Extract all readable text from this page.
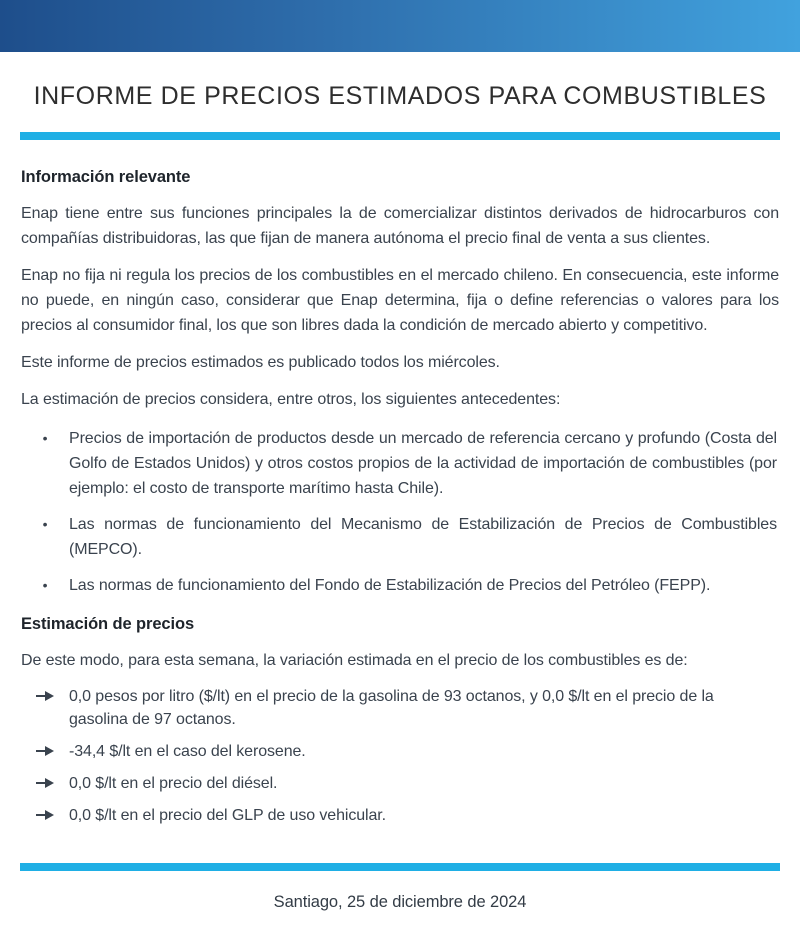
INFORME DE PRECIOS ESTIMADOS PARA COMBUSTIBLES
Información relevante

Enap tiene entre sus funciones principales la de comercializar distintos derivados de hidrocarburos con compañías distribuidoras, las que fijan de manera autónoma el precio final de venta a sus clientes.

Enap no fija ni regula los precios de los combustibles en el mercado chileno. En consecuencia, este informe no puede, en ningún caso, considerar que Enap determina, fija o define referencias o valores para los precios al consumidor final, los que son libres dada la condición de mercado abierto y competitivo.

Este informe de precios estimados es publicado todos los miércoles.

La estimación de precios considera, entre otros, los siguientes antecedentes:

•	Precios de importación de productos desde un mercado de referencia cercano y profundo (Costa del Golfo de Estados Unidos) y otros costos propios de la actividad de importación de combustibles (por ejemplo: el costo de transporte marítimo hasta Chile).
•	Las normas de funcionamiento del Mecanismo de Estabilización de Precios de Combustibles (MEPCO).
•	Las normas de funcionamiento del Fondo de Estabilización de Precios del Petróleo (FEPP).
Estimación de precios

De este modo, para esta semana, la variación estimada en el precio de los combustibles es de:

0,0 pesos por litro ($/lt) en el precio de la gasolina de 93 octanos, y 0,0 $/lt en el precio de la gasolina de 97 octanos.
-34,4 $/lt en el caso del kerosene.
0,0 $/lt en el precio del diésel.
0,0 $/lt en el precio del GLP de uso vehicular.
Santiago, 25 de diciembre de 2024
